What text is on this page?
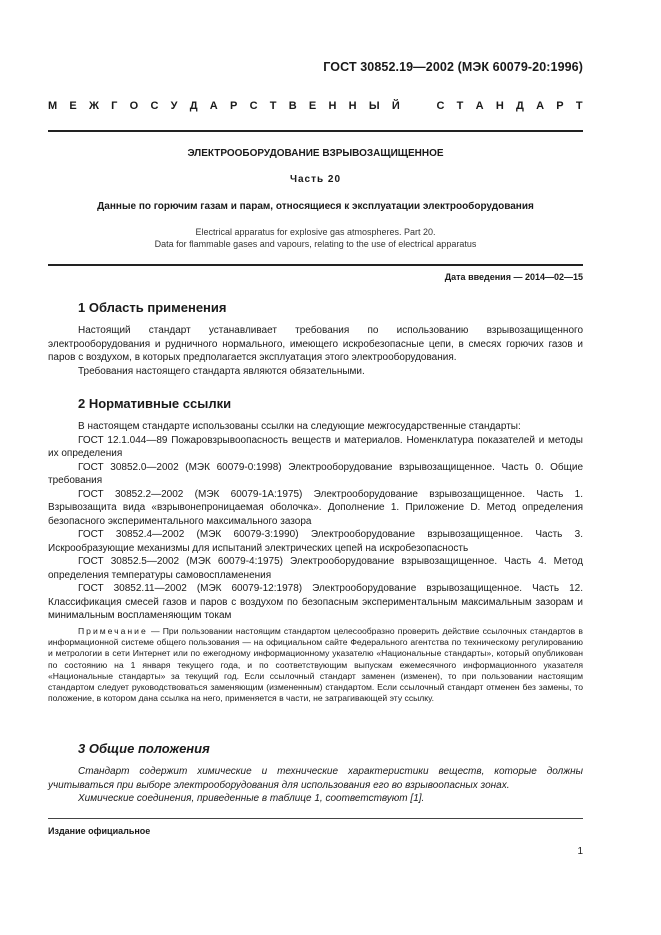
ГОСТ 30852.19—2002 (МЭК 60079-20:1996)
М Е Ж Г О С У Д А Р С Т В Е Н Н Ы Й	С Т А Н Д А Р Т
ЭЛЕКТРООБОРУДОВАНИЕ ВЗРЫВОЗАЩИЩЕННОЕ
Часть 20
Данные по горючим газам и парам, относящиеся к эксплуатации электрооборудования
Electrical apparatus for explosive gas atmospheres. Part 20.
Data for flammable gases and vapours, relating to the use of electrical apparatus
Дата введения — 2014—02—15
1 Область применения

Настоящий стандарт устанавливает требования по использованию взрывозащищенного электрооборудования и рудничного нормального, имеющего искробезопасные цепи, в смесях горючих газов и паров с воздухом, в которых предполагается эксплуатация этого электрооборудования.

Требования настоящего стандарта являются обязательными.

2 Нормативные ссылки

В настоящем стандарте использованы ссылки на следующие межгосударственные стандарты:

ГОСТ 12.1.044—89 Пожаровзрывоопасность веществ и материалов. Номенклатура показателей и методы их определения

ГОСТ 30852.0—2002 (МЭК 60079-0:1998) Электрооборудование взрывозащищенное. Часть 0. Общие требования

ГОСТ 30852.2—2002 (МЭК 60079-1А:1975) Электрооборудование взрывозащищенное. Часть 1. Взрывозащита вида «взрывонепроницаемая оболочка». Дополнение 1. Приложение D. Метод определения безопасного экспериментального максимального зазора

ГОСТ 30852.4—2002 (МЭК 60079-3:1990) Электрооборудование взрывозащищенное. Часть 3. Искрообразующие механизмы для испытаний электрических цепей на искробезопасность

ГОСТ 30852.5—2002 (МЭК 60079-4:1975) Электрооборудование взрывозащищенное. Часть 4. Метод определения температуры самовоспламенения

ГОСТ 30852.11—2002 (МЭК 60079-12:1978) Электрооборудование взрывозащищенное. Часть 12. Классификация смесей газов и паров с воздухом по безопасным экспериментальным максимальным зазорам и минимальным воспламеняющим токам

Примечание — При пользовании настоящим стандартом целесообразно проверить действие ссылочных стандартов в информационной системе общего пользования — на официальном сайте Федерального агентства по техническому регулированию и метрологии в сети Интернет или по ежегодному информационному указателю «Национальные стандарты», который опубликован по состоянию на 1 января текущего года, и по соответствующим выпускам ежемесячного информационного указателя «Национальные стандарты» за текущий год. Если ссылочный стандарт заменен (изменен), то при пользовании настоящим стандартом следует руководствоваться заменяющим (измененным) стандартом. Если ссылочный стандарт отменен без замены, то положение, в котором дана ссылка на него, применяется в части, не затрагивающей эту ссылку.

3 Общие положения

Стандарт содержит химические и технические характеристики веществ, которые должны учитываться при выборе электрооборудования для использования его во взрывоопасных зонах.

Химические соединения, приведенные в таблице 1, соответствуют [1].

Издание официальное
1
